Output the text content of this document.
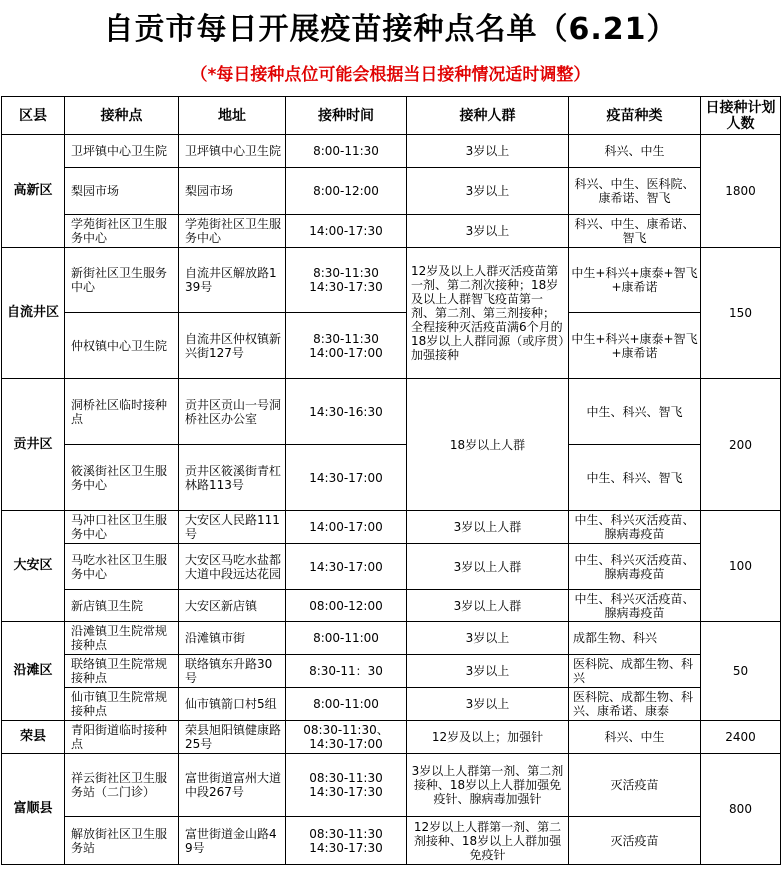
自贡市每日开展疫苗接种点名单（6.21）
（*每日接种点位可能会根据当日接种情况适时调整）
区县	接种点	地址	接种时间	接种人群	疫苗种类	日接种计划人数
高新区	卫坪镇中心卫生院	卫坪镇中心卫生院	8:00-11:30	3岁以上	科兴、中生	1800
	梨园市场	梨园市场	8:00-12:00	3岁以上	科兴、中生、医科院、康希诺、智飞	
	学苑街社区卫生服务中心	学苑街社区卫生服务中心	14:00-17:30	3岁以上	科兴、中生、康希诺、智飞	
自流井区	新街社区卫生服务中心	自流井区解放路139号	8:30-11:30
14:30-17:30	12岁及以上人群灭活疫苗第一剂、第二剂次接种；18岁及以上人群智飞疫苗第一剂、第二剂、第三剂接种；全程接种灭活疫苗满6个月的18岁以上人群同源（或序贯）加强接种	中生+科兴+康泰+智飞+康希诺	150
	仲权镇中心卫生院	自流井区仲权镇新兴街127号	8:30-11:30
14:00-17:00		中生+科兴+康泰+智飞+康希诺	
贡井区	洞桥社区临时接种点	贡井区贡山一号洞桥社区办公室	14:30-16:30	18岁以上人群	中生、科兴、智飞	200
	筱溪街社区卫生服务中心	贡井区筱溪街青杠林路113号	14:30-17:00		中生、科兴、智飞	
大安区	马冲口社区卫生服务中心	大安区人民路111号	14:00-17:00	3岁以上人群	中生、科兴灭活疫苗、腺病毒疫苗	100
	马吃水社区卫生服务中心	大安区马吃水盐都大道中段远达花园	14:30-17:00	3岁以上人群	中生、科兴灭活疫苗、腺病毒疫苗	
	新店镇卫生院	大安区新店镇	08:00-12:00	3岁以上人群	中生、科兴灭活疫苗、腺病毒疫苗	
沿滩区	沿滩镇卫生院常规接种点	沿滩镇市街	8:00-11:00	3岁以上	成都生物、科兴	50
	联络镇卫生院常规接种点	联络镇东升路30号	8:30-11：30	3岁以上	医科院、成都生物、科兴	
	仙市镇卫生院常规接种点	仙市镇箭口村5组	8:00-11:00	3岁以上	医科院、成都生物、科兴、康希诺、康泰	
荣县	青阳街道临时接种点	荣县旭阳镇健康路25号	08:30-11:30、
14:30-17:00	12岁及以上；加强针	科兴、中生	2400
富顺县	祥云街社区卫生服务站（二门诊）	富世街道富州大道中段267号	08:30-11:30
14:30-17:30	3岁以上人群第一剂、第二剂接种、18岁以上人群加强免疫针、腺病毒加强针	灭活疫苗	800
	解放街社区卫生服务站	富世街道金山路49号	08:30-11:30
14:30-17:30	12岁以上人群第一剂、第二剂接种、18岁以上人群加强免疫针	灭活疫苗	
